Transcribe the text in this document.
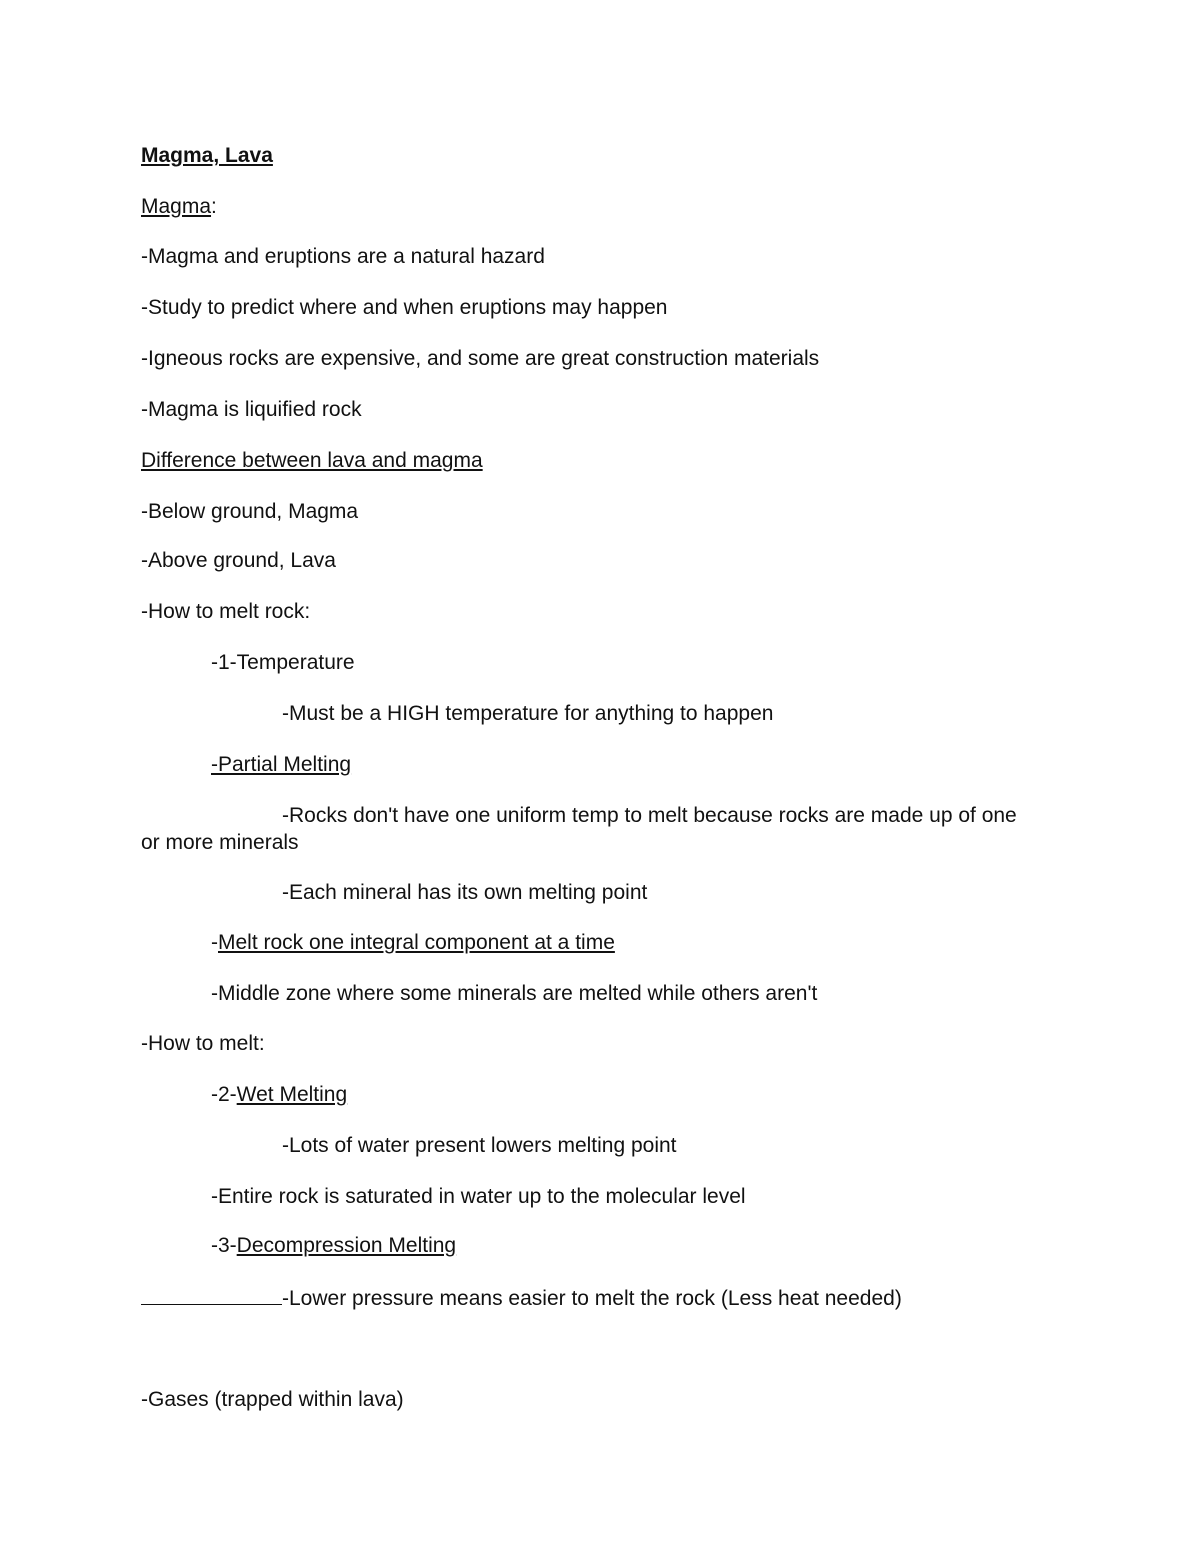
Magma, Lava
Magma:
-Magma and eruptions are a natural hazard
-Study to predict where and when eruptions may happen
-Igneous rocks are expensive, and some are great construction materials
-Magma is liquified rock
Difference between lava and magma
-Below ground, Magma
-Above ground, Lava
-How to melt rock:
-1-Temperature
-Must be a HIGH temperature for anything to happen
-Partial Melting
-Rocks don't have one uniform temp to melt because rocks are made up of one or more minerals
-Each mineral has its own melting point
-Melt rock one integral component at a time
-Middle zone where some minerals are melted while others aren't
-How to melt:
-2-Wet Melting
-Lots of water present lowers melting point
-Entire rock is saturated in water up to the molecular level
-3-Decompression Melting
-Lower pressure means easier to melt the rock (Less heat needed)
-Gases (trapped within lava)
